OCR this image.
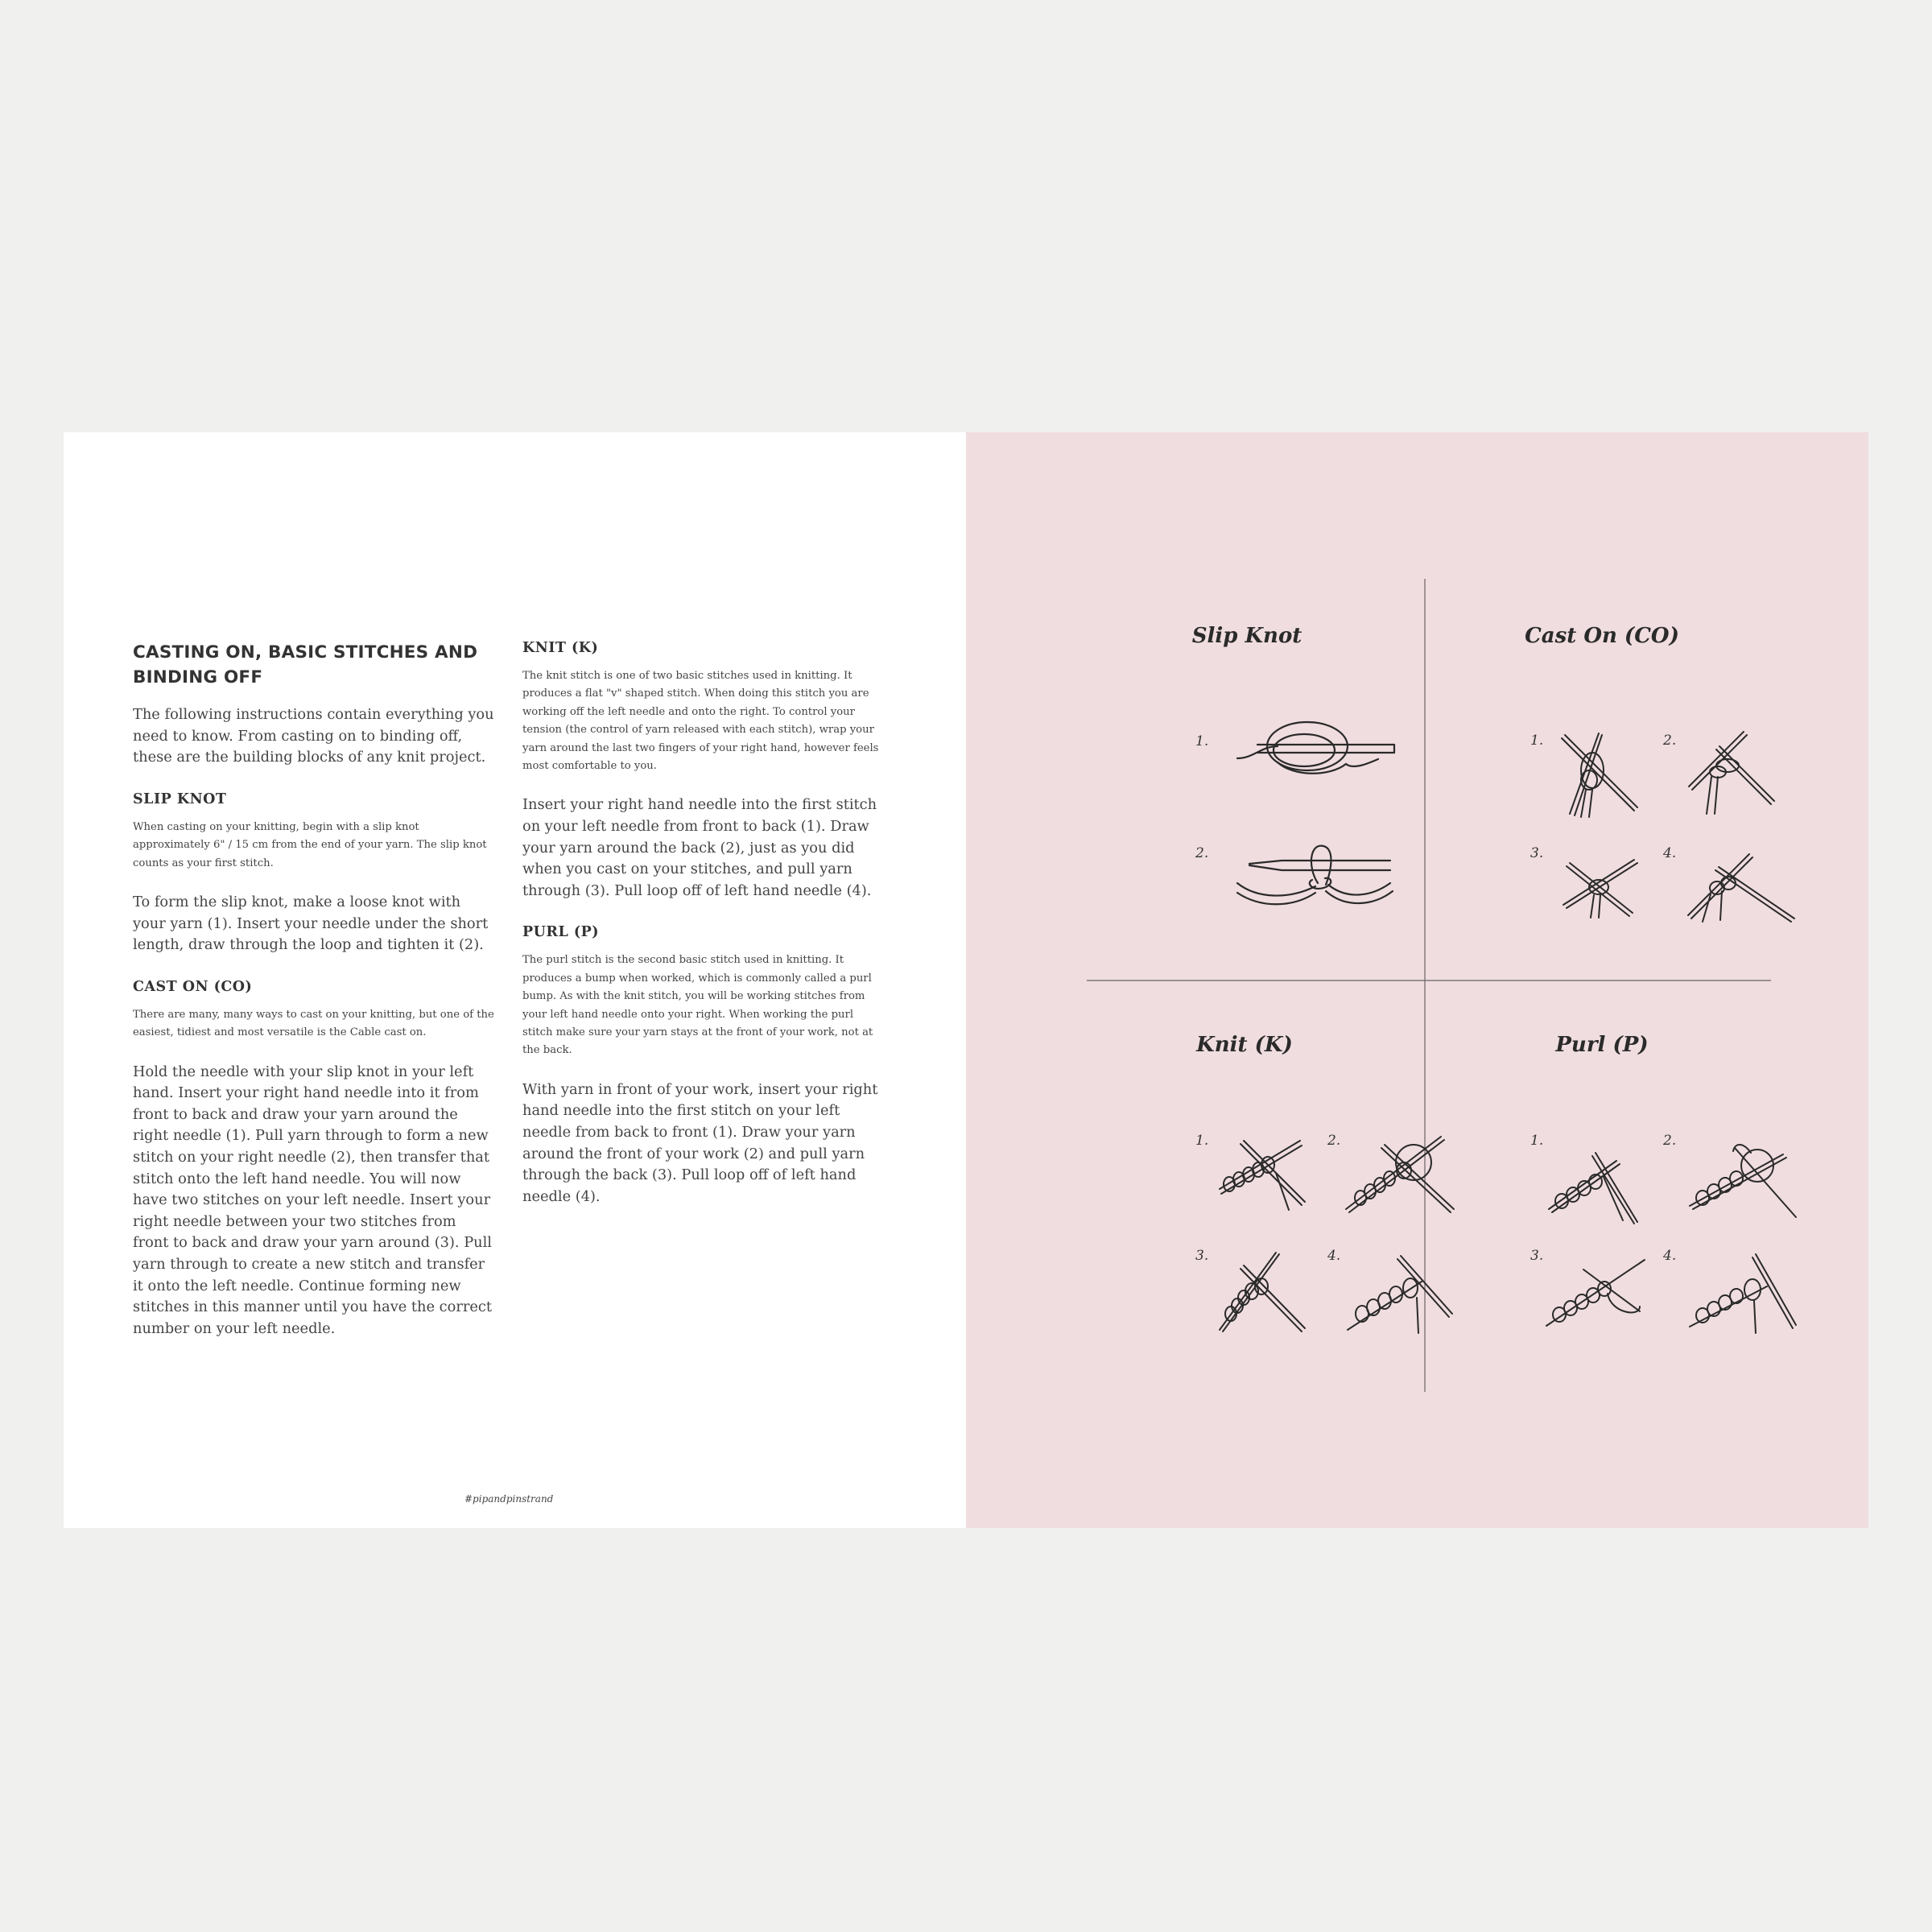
CASTING ON, BASIC STITCHES AND BINDING OFF

The following instructions contain everything you need to know. From casting on to binding off, these are the building blocks of any knit project.

SLIP KNOT

When casting on your knitting, begin with a slip knot approximately 6" / 15 cm from the end of your yarn. The slip knot counts as your first stitch.

To form the slip knot, make a loose knot with your yarn (1). Insert your needle under the short length, draw through the loop and tighten it (2).

CAST ON (CO)

There are many, many ways to cast on your knitting, but one of the easiest, tidiest and most versatile is the Cable cast on.

Hold the needle with your slip knot in your left hand. Insert your right hand needle into it from front to back and draw your yarn around the right needle (1). Pull yarn through to form a new stitch on your right needle (2), then transfer that stitch onto the left hand needle. You will now have two stitches on your left needle. Insert your right needle between your two stitches from front to back and draw your yarn around (3). Pull yarn through to create a new stitch and transfer it onto the left needle. Continue forming new stitches in this manner until you have the correct number on your left needle.

KNIT (K)

The knit stitch is one of two basic stitches used in knitting. It produces a flat "v" shaped stitch. When doing this stitch you are working off the left needle and onto the right. To control your tension (the control of yarn released with each stitch), wrap your yarn around the last two fingers of your right hand, however feels most comfortable to you.

Insert your right hand needle into the first stitch on your left needle from front to back (1). Draw your yarn around the back (2), just as you did when you cast on your stitches, and pull yarn through (3). Pull loop off of left hand needle (4).

PURL (P)

The purl stitch is the second basic stitch used in knitting. It produces a bump when worked, which is commonly called a purl bump. As with the knit stitch, you will be working stitches from your left hand needle onto your right. When working the purl stitch make sure your yarn stays at the front of your work, not at the back.

With yarn in front of your work, insert your right hand needle into the first stitch on your left needle from back to front (1). Draw your yarn around the front of your work (2) and pull yarn through the back (3). Pull loop off of left hand needle (4).

#pipandpinstrand
Slip Knot	Cast On (CO)
Knit (K)	Purl (P)
1.
2.
1.	2.
3.	4.
1.	2.
3.	4.
1.	2.
3.	4.
